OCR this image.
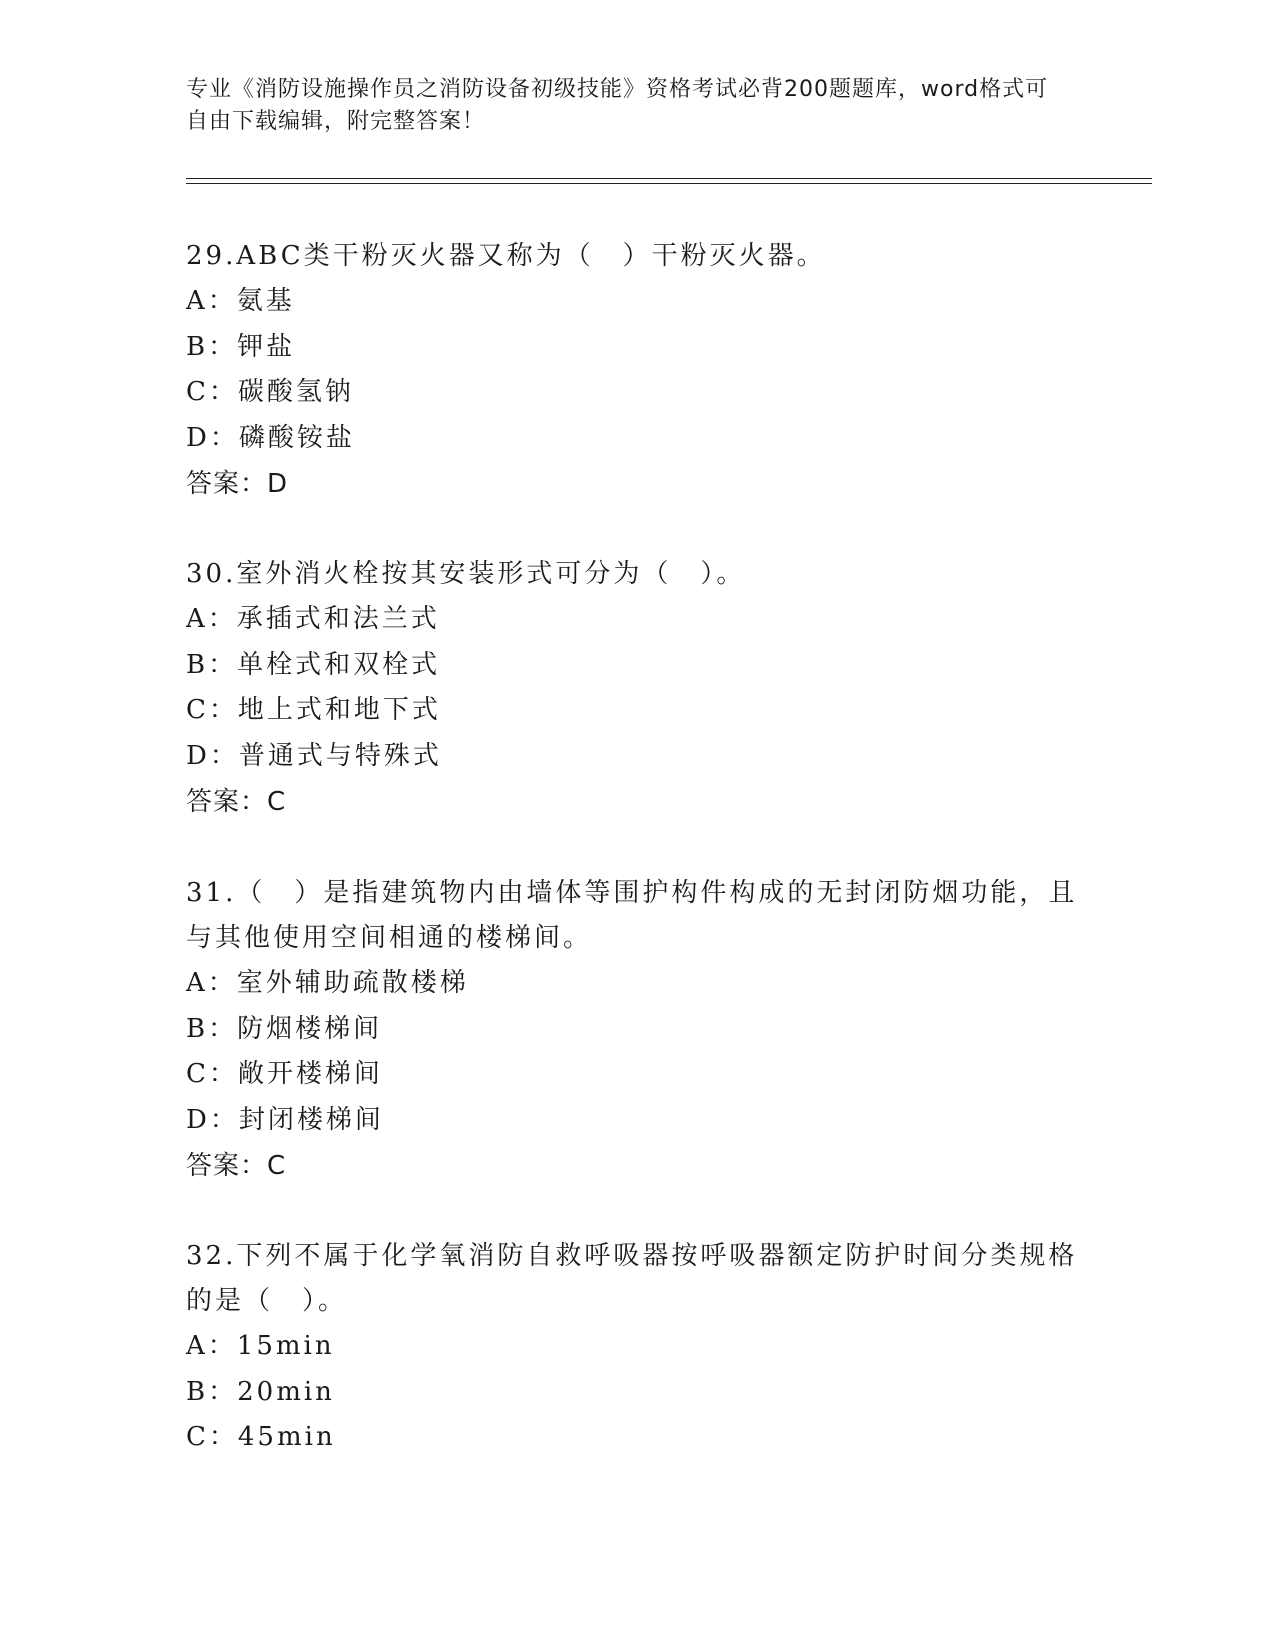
专业《消防设施操作员之消防设备初级技能》资格考试必背200题题库，word格式可自由下载编辑，附完整答案！
29.ABC类干粉灭火器又称为（　）干粉灭火器。
A：氨基
B：钾盐
C：碳酸氢钠
D：磷酸铵盐
答案：D
30.室外消火栓按其安装形式可分为（　）。
A：承插式和法兰式
B：单栓式和双栓式
C：地上式和地下式
D：普通式与特殊式
答案：C
31.（　）是指建筑物内由墙体等围护构件构成的无封闭防烟功能，且与其他使用空间相通的楼梯间。
A：室外辅助疏散楼梯
B：防烟楼梯间
C：敞开楼梯间
D：封闭楼梯间
答案：C
32.下列不属于化学氧消防自救呼吸器按呼吸器额定防护时间分类规格的是（　）。
A：15min
B：20min
C：45min
